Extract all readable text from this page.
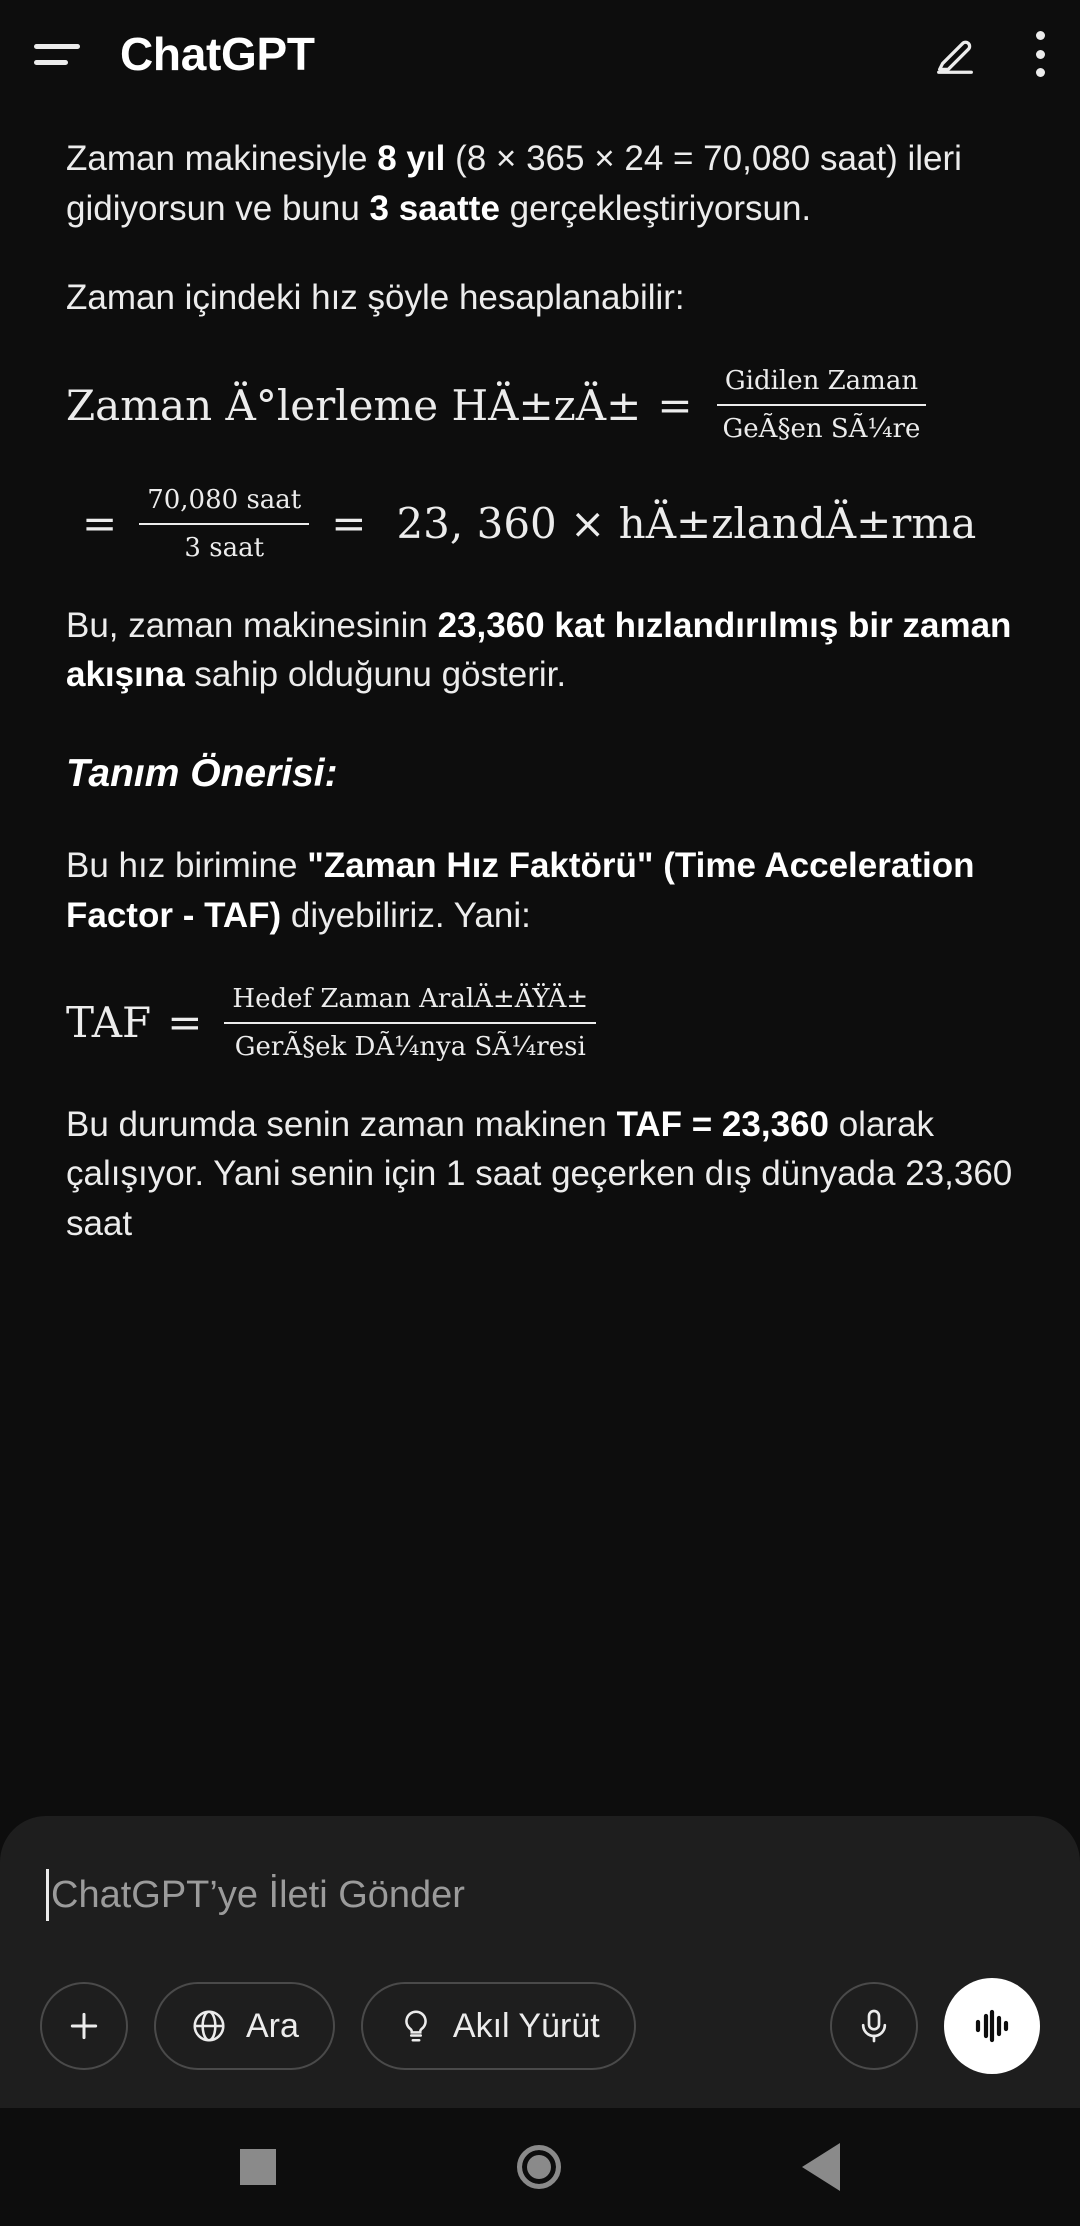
ChatGPT

Zaman makinesiyle 8 yıl (8 × 365 × 24 = 70,080 saat) ileri gidiyorsun ve bunu 3 saatte gerçekleştiriyorsun.

Zaman içindeki hız şöyle hesaplanabilir:

Zaman Ä°lerleme HÄ±zÄ± = $\frac{\text{Gidilen Zaman}}{\text{GeÃ§en SÃ¼re}}$
= $\frac{\text{70,080 saat}}{\text{3 saat}} = 23$, 360 × hÄ±zlandÄ±rma

Bu, zaman makinesinin 23,360 kat hızlandırılmış bir zaman akışına sahip olduğunu gösterir.

Tanım Önerisi:

Bu hız birimine "Zaman Hız Faktörü" (Time Acceleration Factor - TAF) diyebiliriz. Yani:

TAF = $\frac{\text{Hedef Zaman AralÄ±ÄŸÄ±}}{\text{GerÃ§ek DÃ¼nya SÃ¼resi}}$

Bu durumda senin zaman makinen TAF = 23,360 olarak çalışıyor. Yani senin için 1 saat geçerken dış dünyada 23,360 saat

ChatGPT’ye İleti Gönder
Ara	Akıl Yürüt
